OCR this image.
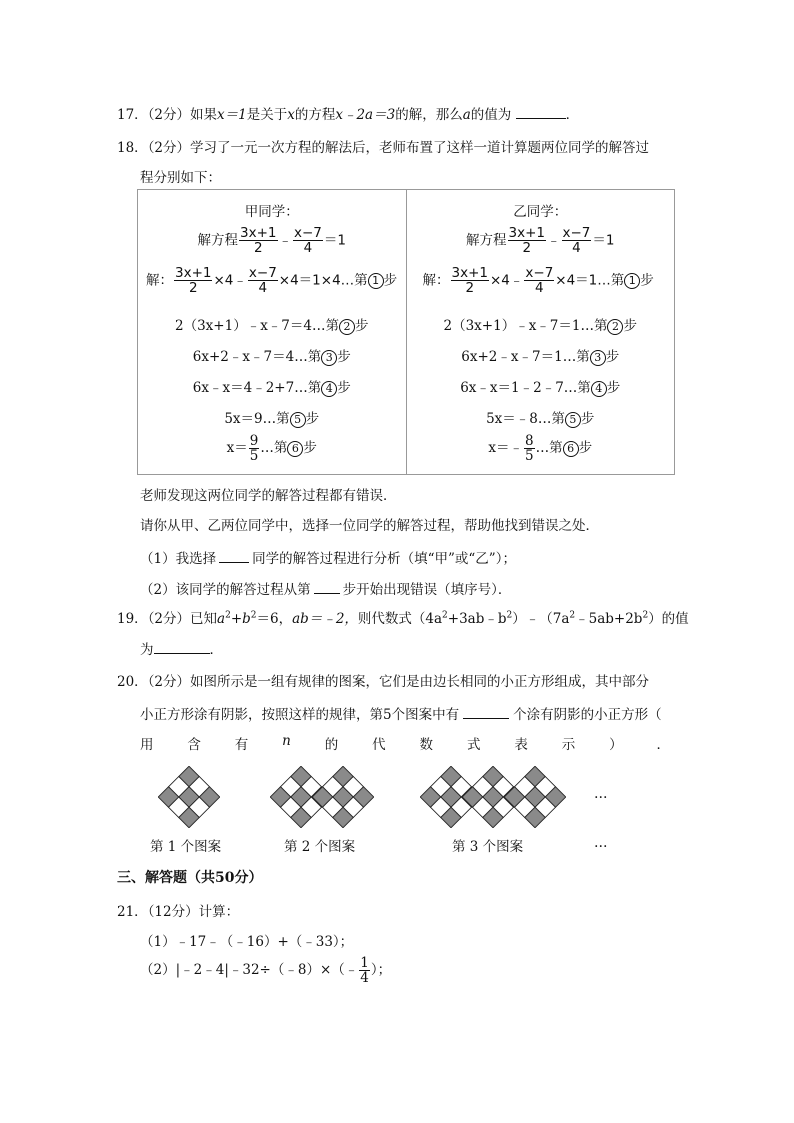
17．（2分）如果x＝1是关于x的方程x﹣2a＝3的解，那么a的值为	．
18．（2分）学习了一元一次方程的解法后，老师布置了这样一道计算题两位同学的解答过
程分别如下：
甲同学：
解方程 $\frac{3x+1}{2}$ ﹣ $\frac{x-7}{4} =1$
解： $\frac{3x+1}{2}$ ×4﹣ $\frac{x-7}{4}$ ×4＝1×4…第 1 步
2（3x+1）﹣x﹣7＝4…第 2 步
6x+2﹣x﹣7＝4…第 3 步
6x﹣x＝4﹣2+7…第 4 步
5x＝9…第 5 步
$x= \frac{9}{5}$ …第 6 步

乙同学：
解方程 $\frac{3x+1}{2}$ ﹣ $\frac{x-7}{4} =1$
解： $\frac{3x+1}{2}$ ×4﹣ $\frac{x-7}{4}$ ×4＝1…第 1 步
2（3x+1）﹣x﹣7＝1…第 2 步
6x+2﹣x﹣7＝1…第 3 步
6x﹣x＝1﹣2﹣7…第 4 步
5x＝﹣8…第 5 步
x＝﹣ $\frac{8}{5}$ …第 6 步
老师发现这两位同学的解答过程都有错误．
请你从甲、乙两位同学中，选择一位同学的解答过程，帮助他找到错误之处．
（1）我选择	同学的解答过程进行分析（填“甲”或“乙”）；
（2）该同学的解答过程从第 步开始出现错误（填序号）．
19．（2分）已知$a^2+b^2=6$，ab＝﹣2，则代数式$(4a^2+3ab﹣b^2)﹣(7a^2﹣5ab+2b^2)$的值
为	．
20．（2分）如图所示是一组有规律的图案，它们是由边长相同的小正方形组成，其中部分
小正方形涂有阴影，按照这样的规律，第5个图案中有	个涂有阴影的小正方形（
用	含	有	n	的	代	数	式	表	示	）	．
…
第 1 个图案	第 2 个图案	第 3 个图案	…
三、解答题（共50分）
21．（12分）计算：
（1）﹣17﹣（﹣16）+（﹣33）；
（2）|﹣2﹣4|﹣32÷（﹣8）×（﹣ $\frac{1}{4}$ ）；
